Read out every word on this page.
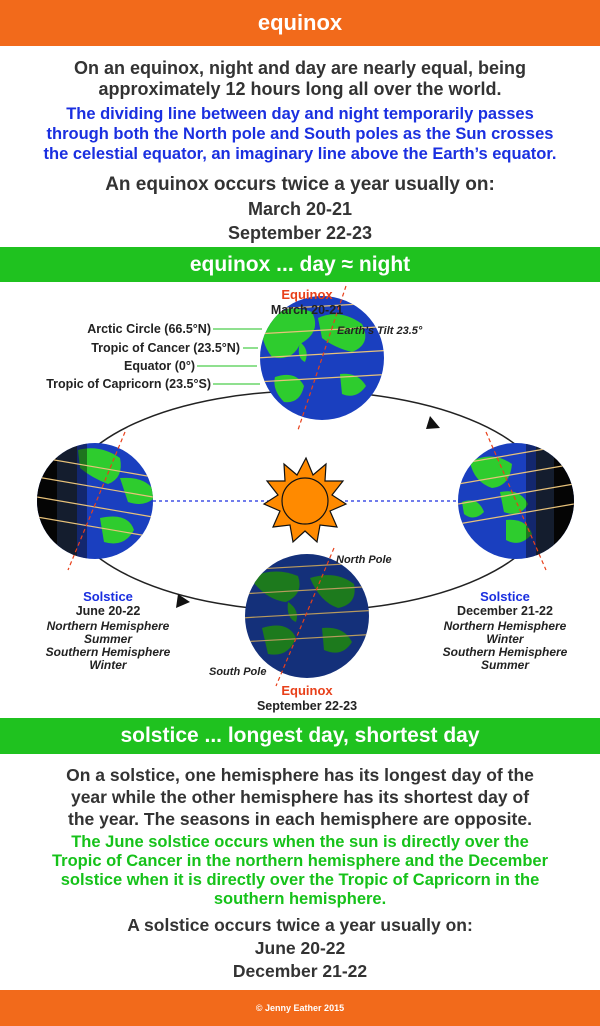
equinox
On an equinox, night and day are nearly equal, being
approximately 12 hours long all over the world.
The dividing line between day and night temporarily passes
through both the North pole and South poles as the Sun crosses
the celestial equator, an imaginary line above the Earth’s equator.
An equinox occurs twice a year usually on:
March 20-21
September 22-23
equinox ... day ≈ night
Equinox
March 20-21
Earth’s Tilt 23.5°
Arctic Circle (66.5°N)
Tropic of Cancer (23.5°N)
Equator (0°)
Tropic of Capricorn (23.5°S)
North Pole
South Pole
Equinox
September 22-23
Solstice
June 20-22
Northern Hemisphere
Summer
Southern Hemisphere
Winter
Solstice
December 21-22
Northern Hemisphere
Winter
Southern Hemisphere
Summer
solstice ... longest day, shortest day
On a solstice, one hemisphere has its longest day of the
year while the other hemisphere has its shortest day of
the year. The seasons in each hemisphere are opposite.
The June solstice occurs when the sun is directly over the
Tropic of Cancer in the northern hemisphere and the December
solstice when it is directly over the Tropic of Capricorn in the
southern hemisphere.
A solstice occurs twice a year usually on:
June 20-22
December 21-22
© Jenny Eather 2015
